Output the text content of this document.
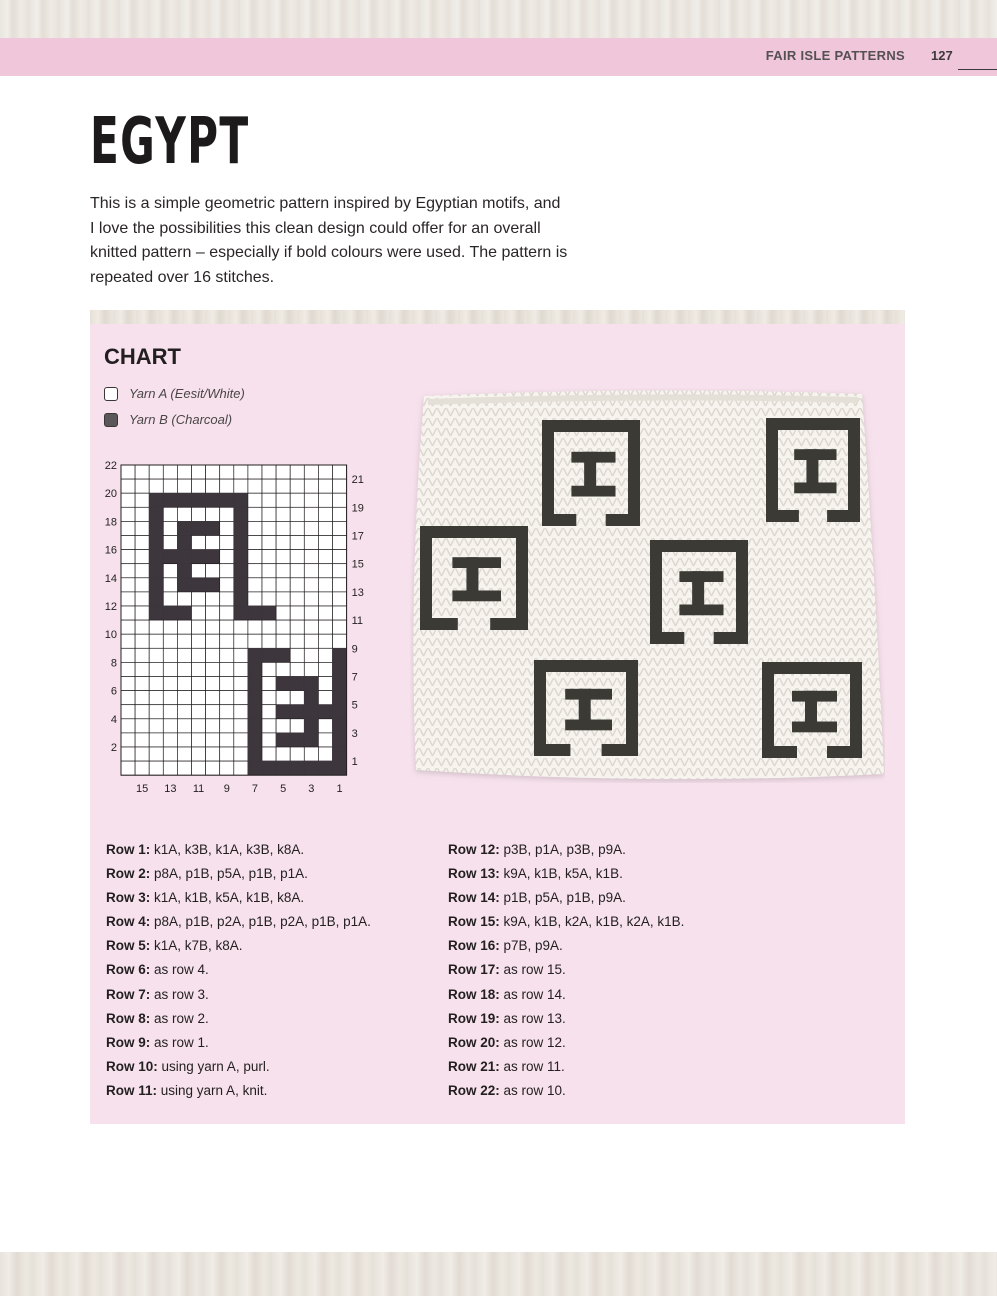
FAIR ISLE PATTERNS 127
EGYPT

This is a simple geometric pattern inspired by Egyptian motifs, and
I love the possibilities this clean design could offer for an overall
knitted pattern – especially if bold colours were used. The pattern is
repeated over 16 stitches.

CHART
Yarn A (Eesit/White)
Yarn B (Charcoal)
22
20
18
16
14
12
10
8
6
4
2
21
19
17
15
13
11
9
7
5
3
1
15 13 11 9 7 5 3 1
Row 1: k1A, k3B, k1A, k3B, k8A.
Row 2: p8A, p1B, p5A, p1B, p1A.
Row 3: k1A, k1B, k5A, k1B, k8A.
Row 4: p8A, p1B, p2A, p1B, p2A, p1B, p1A.
Row 5: k1A, k7B, k8A.
Row 6: as row 4.
Row 7: as row 3.
Row 8: as row 2.
Row 9: as row 1.
Row 10: using yarn A, purl.
Row 11: using yarn A, knit.
Row 12: p3B, p1A, p3B, p9A.
Row 13: k9A, k1B, k5A, k1B.
Row 14: p1B, p5A, p1B, p9A.
Row 15: k9A, k1B, k2A, k1B, k2A, k1B.
Row 16: p7B, p9A.
Row 17: as row 15.
Row 18: as row 14.
Row 19: as row 13.
Row 20: as row 12.
Row 21: as row 11.
Row 22: as row 10.
